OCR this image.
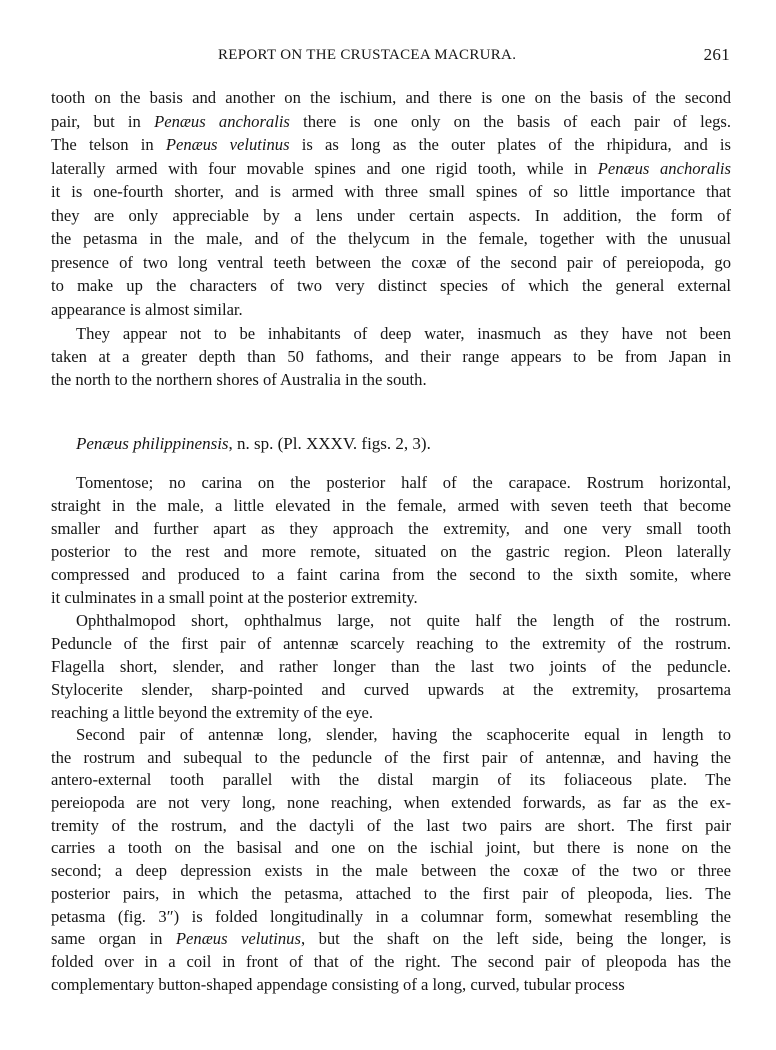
REPORT ON THE CRUSTACEA MACRURA.	261
tooth on the basis and another on the ischium, and there is one on the basis of the second
pair, but in Penæus anchoralis there is one only on the basis of each pair of legs.
The telson in Penæus velutinus is as long as the outer plates of the rhipidura, and is
laterally armed with four movable spines and one rigid tooth, while in Penæus anchoralis
it is one-fourth shorter, and is armed with three small spines of so little importance that
they are only appreciable by a lens under certain aspects. In addition, the form of
the petasma in the male, and of the thelycum in the female, together with the unusual
presence of two long ventral teeth between the coxæ of the second pair of pereiopoda, go
to make up the characters of two very distinct species of which the general external
appearance is almost similar.
They appear not to be inhabitants of deep water, inasmuch as they have not been
taken at a greater depth than 50 fathoms, and their range appears to be from Japan in
the north to the northern shores of Australia in the south.
Penæus philippinensis, n. sp. (Pl. XXXV. figs. 2, 3).
Tomentose; no carina on the posterior half of the carapace. Rostrum horizontal,
straight in the male, a little elevated in the female, armed with seven teeth that become
smaller and further apart as they approach the extremity, and one very small tooth
posterior to the rest and more remote, situated on the gastric region. Pleon laterally
compressed and produced to a faint carina from the second to the sixth somite, where
it culminates in a small point at the posterior extremity.
Ophthalmopod short, ophthalmus large, not quite half the length of the rostrum.
Peduncle of the first pair of antennæ scarcely reaching to the extremity of the rostrum.
Flagella short, slender, and rather longer than the last two joints of the peduncle.
Stylocerite slender, sharp-pointed and curved upwards at the extremity, prosartema
reaching a little beyond the extremity of the eye.
Second pair of antennæ long, slender, having the scaphocerite equal in length to
the rostrum and subequal to the peduncle of the first pair of antennæ, and having the
antero-external tooth parallel with the distal margin of its foliaceous plate. The
pereiopoda are not very long, none reaching, when extended forwards, as far as the ex-
tremity of the rostrum, and the dactyli of the last two pairs are short. The first pair
carries a tooth on the basisal and one on the ischial joint, but there is none on the
second; a deep depression exists in the male between the coxæ of the two or three
posterior pairs, in which the petasma, attached to the first pair of pleopoda, lies. The
petasma (fig. 3″) is folded longitudinally in a columnar form, somewhat resembling the
same organ in Penæus velutinus, but the shaft on the left side, being the longer, is
folded over in a coil in front of that of the right. The second pair of pleopoda has the
complementary button-shaped appendage consisting of a long, curved, tubular process
